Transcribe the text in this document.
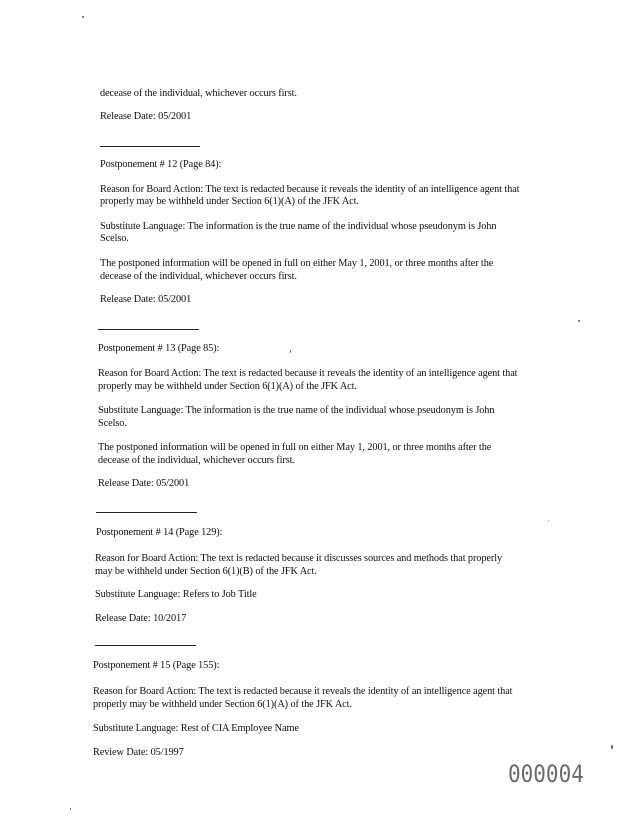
decease of the individual, whichever occurs first.
Release Date: 05/2001
Postponement # 12 (Page 84):
Reason for Board Action: The text is redacted because it reveals the identity of an intelligence agent that
properly may be withheld under Section 6(1)(A) of the JFK Act.
Substitute Language: The information is the true name of the individual whose pseudonym is John
Scelso.
The postponed information will be opened in full on either May 1, 2001, or three months after the
decease of the individual, whichever occurs first.
Release Date: 05/2001
Postponement # 13 (Page 85):
Reason for Board Action: The text is redacted because it reveals the identity of an intelligence agent that
properly may be withheld under Section 6(1)(A) of the JFK Act.
Substitute Language: The information is the true name of the individual whose pseudonym is John
Scelso.
The postponed information will be opened in full on either May 1, 2001, or three months after the
decease of the individual, whichever occurs first.
Release Date: 05/2001
Postponement # 14 (Page 129):
Reason for Board Action: The text is redacted because it discusses sources and methods that properly
may be withheld under Section 6(1)(B) of the JFK Act.
Substitute Language: Refers to Job Title
Release Date: 10/2017
Postponement # 15 (Page 155):
Reason for Board Action: The text is redacted because it reveals the identity of an intelligence agent that
properly may be withheld under Section 6(1)(A) of the JFK Act.
Substitute Language: Rest of CIA Employee Name
Review Date: 05/1997
000004
